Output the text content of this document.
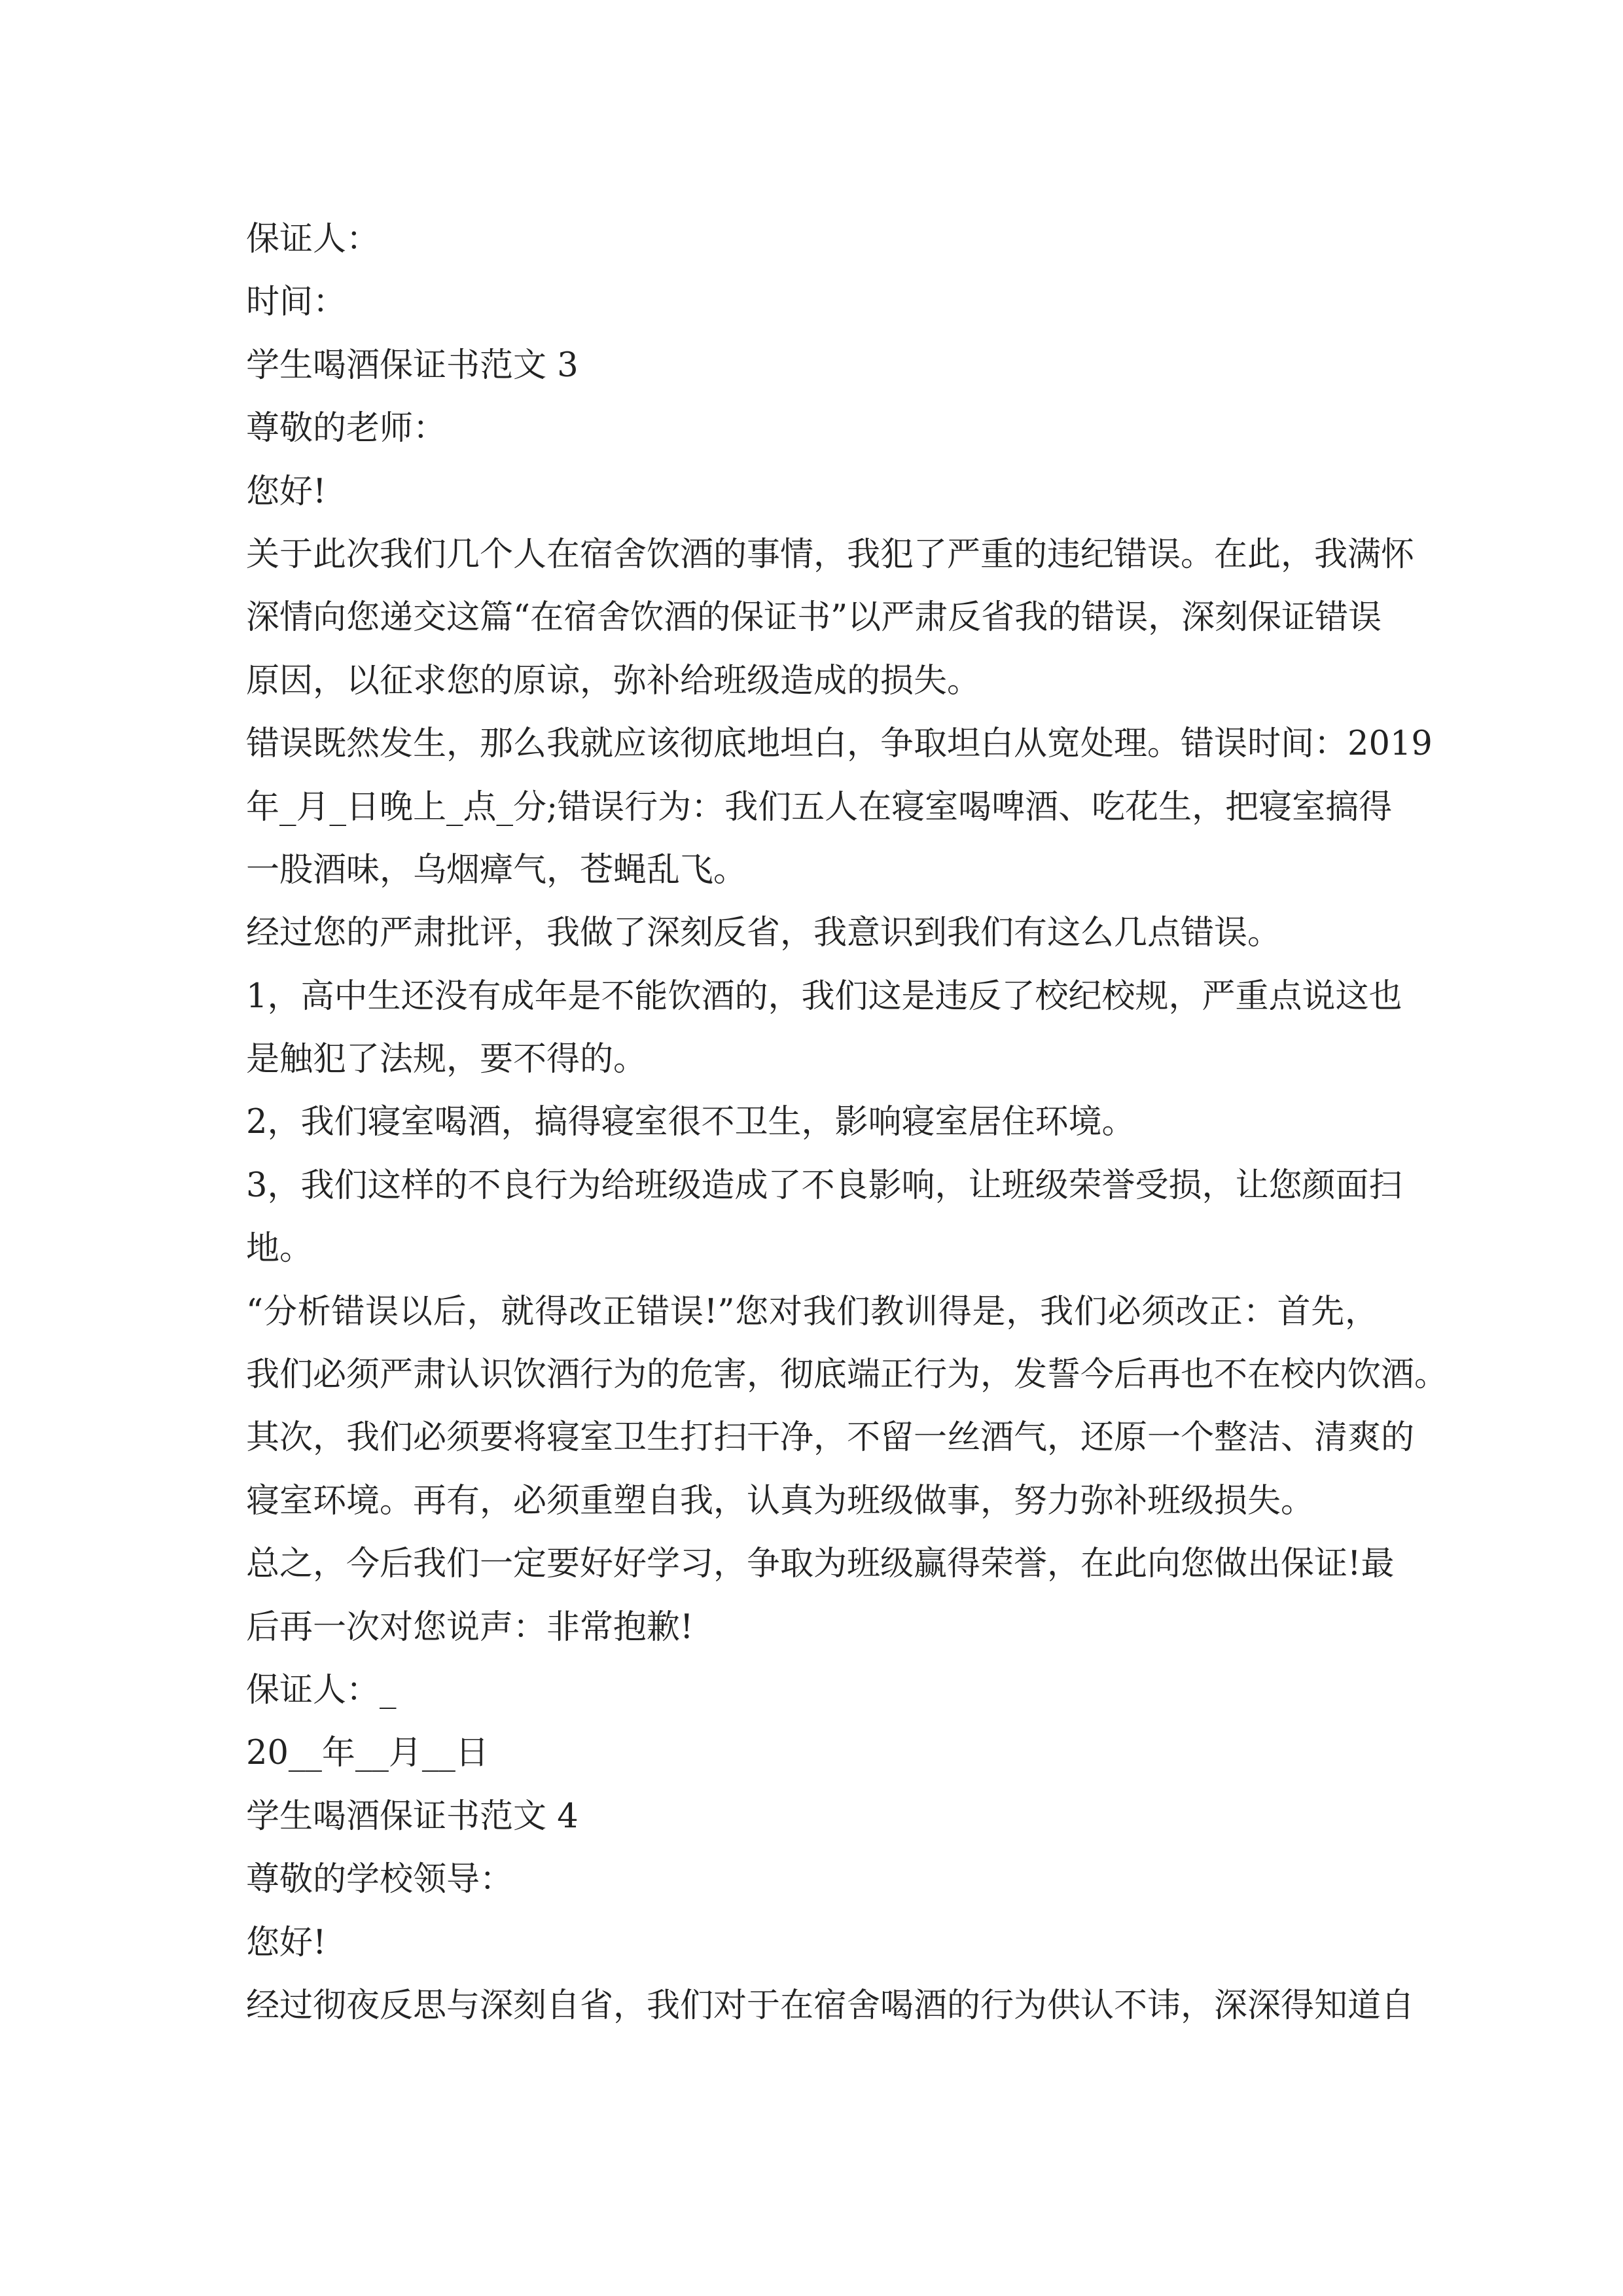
保证人：
时间：
学生喝酒保证书范文 3
尊敬的老师：
您好!
关于此次我们几个人在宿舍饮酒的事情，我犯了严重的违纪错误。在此，我满怀
深情向您递交这篇“在宿舍饮酒的保证书”以严肃反省我的错误，深刻保证错误
原因，以征求您的原谅，弥补给班级造成的损失。
错误既然发生，那么我就应该彻底地坦白，争取坦白从宽处理。错误时间：2019
年_月_日晚上_点_分;错误行为：我们五人在寝室喝啤酒、吃花生，把寝室搞得
一股酒味，乌烟瘴气，苍蝇乱飞。
经过您的严肃批评，我做了深刻反省，我意识到我们有这么几点错误。
1，高中生还没有成年是不能饮酒的，我们这是违反了校纪校规，严重点说这也
是触犯了法规，要不得的。
2，我们寝室喝酒，搞得寝室很不卫生，影响寝室居住环境。
3，我们这样的不良行为给班级造成了不良影响，让班级荣誉受损，让您颜面扫
地。
“分析错误以后，就得改正错误!”您对我们教训得是，我们必须改正：首先，
我们必须严肃认识饮酒行为的危害，彻底端正行为，发誓今后再也不在校内饮酒。
其次，我们必须要将寝室卫生打扫干净，不留一丝酒气，还原一个整洁、清爽的
寝室环境。再有，必须重塑自我，认真为班级做事，努力弥补班级损失。
总之，今后我们一定要好好学习，争取为班级赢得荣誉，在此向您做出保证!最
后再一次对您说声：非常抱歉!
保证人：_
20__年__月__日
学生喝酒保证书范文 4
尊敬的学校领导：
您好!
经过彻夜反思与深刻自省，我们对于在宿舍喝酒的行为供认不讳，深深得知道自
